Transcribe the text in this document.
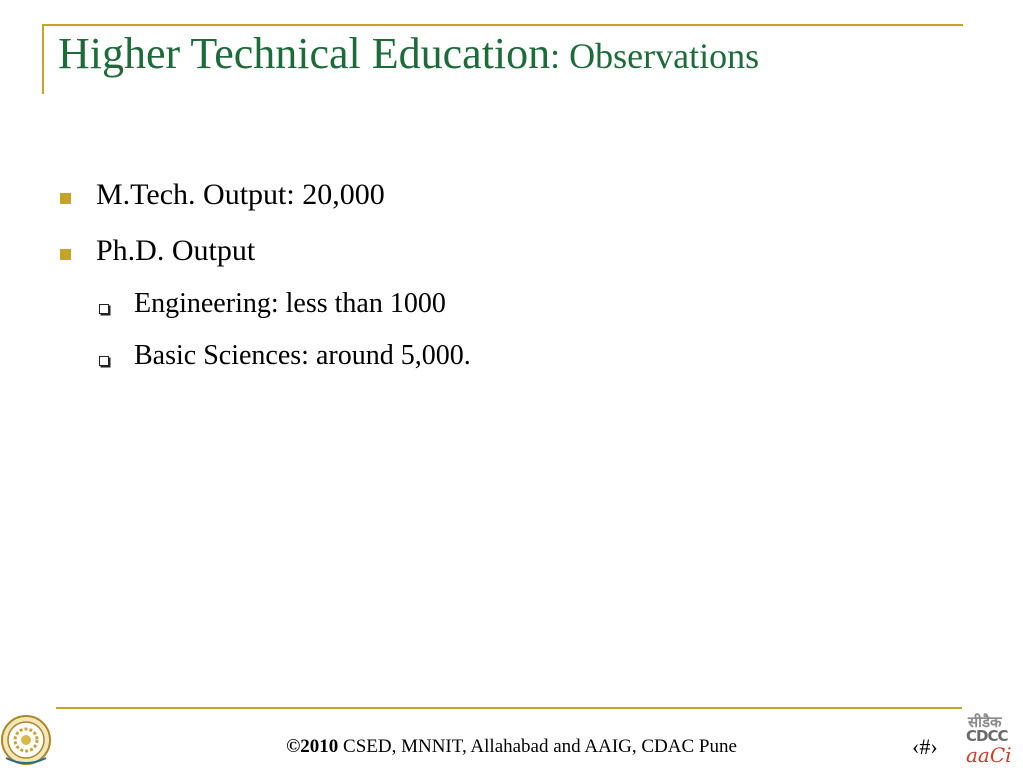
Higher Technical Education: Observations
M.Tech. Output: 20,000
Ph.D. Output
Engineering: less than 1000
Basic Sciences: around 5,000.
©2010 CSED, MNNIT, Allahabad and AAIG, CDAC Pune	‹#›
सीडैक
CDCC
aaCi
